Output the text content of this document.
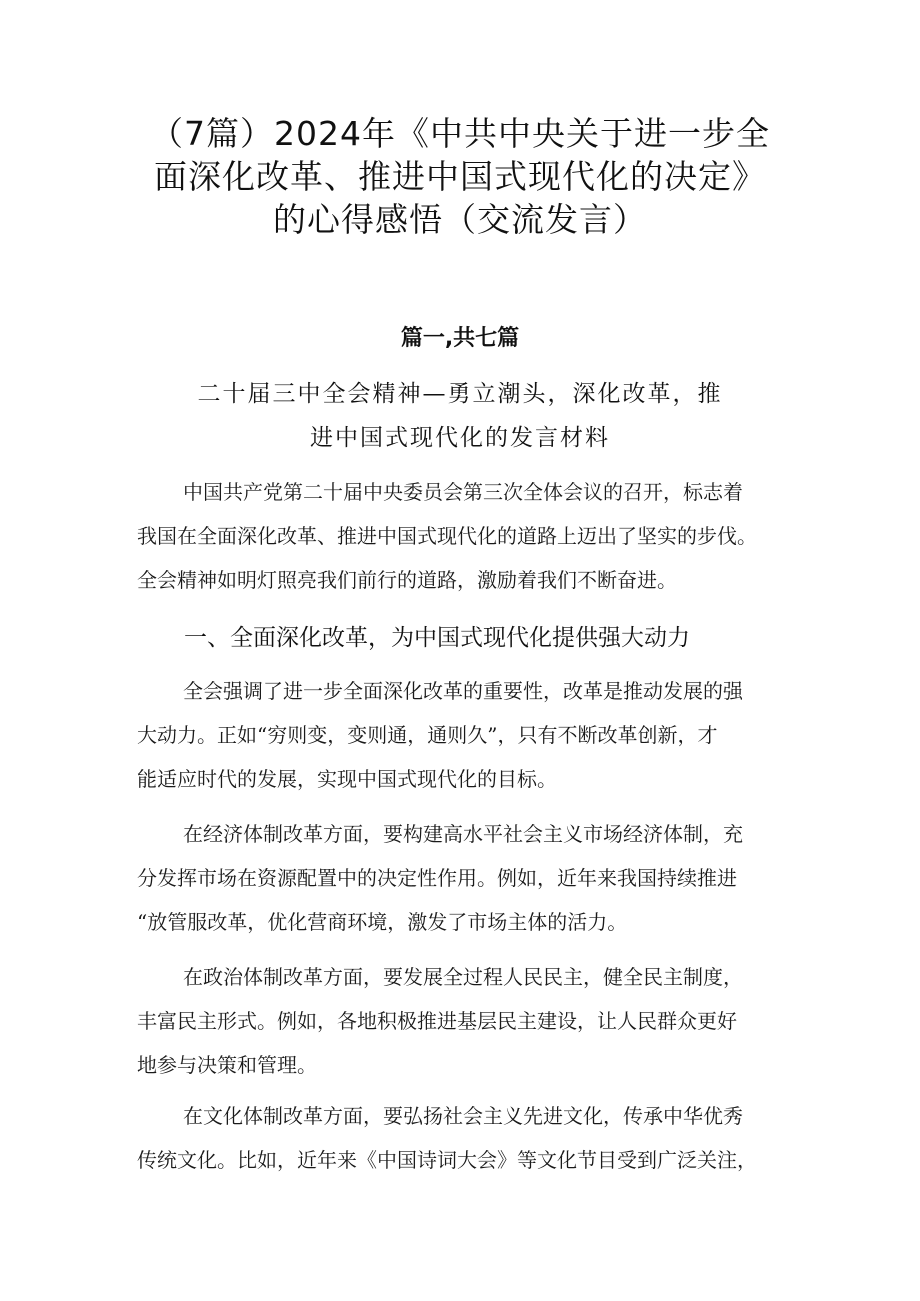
（7篇）2024年《中共中央关于进一步全
面深化改革、推进中国式现代化的决定》
的心得感悟（交流发言）
篇一,共七篇
二十届三中全会精神—勇立潮头，深化改革，推
进中国式现代化的发言材料
中国共产党第二十届中央委员会第三次全体会议的召开，标志着
我国在全面深化改革、推进中国式现代化的道路上迈出了坚实的步伐。
全会精神如明灯照亮我们前行的道路，激励着我们不断奋进。
一、全面深化改革，为中国式现代化提供强大动力
全会强调了进一步全面深化改革的重要性，改革是推动发展的强
大动力。正如“穷则变，变则通，通则久”，只有不断改革创新，才
能适应时代的发展，实现中国式现代化的目标。
在经济体制改革方面，要构建高水平社会主义市场经济体制，充
分发挥市场在资源配置中的决定性作用。例如，近年来我国持续推进
“放管服改革，优化营商环境，激发了市场主体的活力。
在政治体制改革方面，要发展全过程人民民主，健全民主制度，
丰富民主形式。例如，各地积极推进基层民主建设，让人民群众更好
地参与决策和管理。
在文化体制改革方面，要弘扬社会主义先进文化，传承中华优秀
传统文化。比如，近年来《中国诗词大会》等文化节目受到广泛关注，
